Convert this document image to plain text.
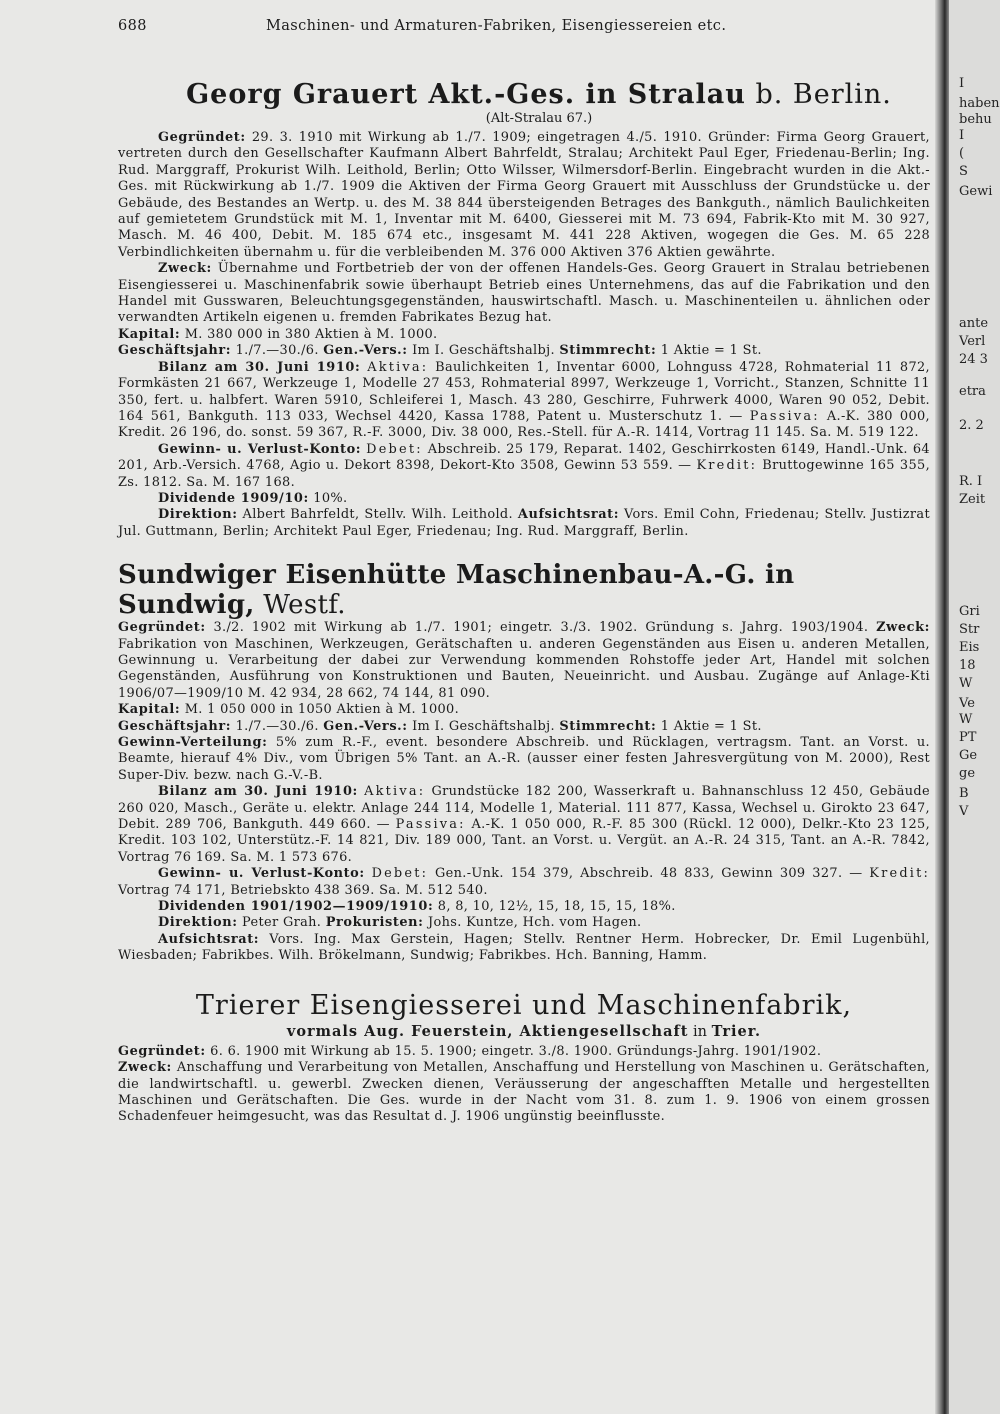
688	Maschinen- und Armaturen-Fabriken, Eisengiessereien etc.
Georg Grauert Akt.-Ges. in Stralau b. Berlin.
(Alt-Stralau 67.)

Gegründet: 29. 3. 1910 mit Wirkung ab 1./7. 1909; eingetragen 4./5. 1910. Gründer: Firma Georg Grauert, vertreten durch den Gesellschafter Kaufmann Albert Bahrfeldt, Stralau; Architekt Paul Eger, Friedenau-Berlin; Ing. Rud. Marggraff, Prokurist Wilh. Leithold, Berlin; Otto Wilsser, Wilmersdorf-Berlin. Eingebracht wurden in die Akt.-Ges. mit Rückwirkung ab 1./7. 1909 die Aktiven der Firma Georg Grauert mit Ausschluss der Grundstücke u. der Gebäude, des Bestandes an Wertp. u. des M. 38 844 übersteigenden Betrages des Bankguth., nämlich Baulichkeiten auf gemietetem Grundstück mit M. 1, Inventar mit M. 6400, Giesserei mit M. 73 694, Fabrik-Kto mit M. 30 927, Masch. M. 46 400, Debit. M. 185 674 etc., insgesamt M. 441 228 Aktiven, wogegen die Ges. M. 65 228 Verbindlichkeiten übernahm u. für die verbleibenden M. 376 000 Aktiven 376 Aktien gewährte.

Zweck: Übernahme und Fortbetrieb der von der offenen Handels-Ges. Georg Grauert in Stralau betriebenen Eisengiesserei u. Maschinenfabrik sowie überhaupt Betrieb eines Unternehmens, das auf die Fabrikation und den Handel mit Gusswaren, Beleuchtungsgegenständen, hauswirtschaftl. Masch. u. Maschinenteilen u. ähnlichen oder verwandten Artikeln eigenen u. fremden Fabrikates Bezug hat.

Kapital: M. 380 000 in 380 Aktien à M. 1000.

Geschäftsjahr: 1./7.—30./6. Gen.-Vers.: Im I. Geschäftshalbj. Stimmrecht: 1 Aktie = 1 St.

Bilanz am 30. Juni 1910: Aktiva: Baulichkeiten 1, Inventar 6000, Lohnguss 4728, Rohmaterial 11 872, Formkästen 21 667, Werkzeuge 1, Modelle 27 453, Rohmaterial 8997, Werkzeuge 1, Vorricht., Stanzen, Schnitte 11 350, fert. u. halbfert. Waren 5910, Schleiferei 1, Masch. 43 280, Geschirre, Fuhrwerk 4000, Waren 90 052, Debit. 164 561, Bankguth. 113 033, Wechsel 4420, Kassa 1788, Patent u. Musterschutz 1. — Passiva: A.-K. 380 000, Kredit. 26 196, do. sonst. 59 367, R.-F. 3000, Div. 38 000, Res.-Stell. für A.-R. 1414, Vortrag 11 145. Sa. M. 519 122.

Gewinn- u. Verlust-Konto: Debet: Abschreib. 25 179, Reparat. 1402, Geschirrkosten 6149, Handl.-Unk. 64 201, Arb.-Versich. 4768, Agio u. Dekort 8398, Dekort-Kto 3508, Gewinn 53 559. — Kredit: Bruttogewinne 165 355, Zs. 1812. Sa. M. 167 168.

Dividende 1909/10: 10%.

Direktion: Albert Bahrfeldt, Stellv. Wilh. Leithold. Aufsichtsrat: Vors. Emil Cohn, Friedenau; Stellv. Justizrat Jul. Guttmann, Berlin; Architekt Paul Eger, Friedenau; Ing. Rud. Marggraff, Berlin.

Sundwiger Eisenhütte Maschinenbau-A.-G. in Sundwig, Westf.

Gegründet: 3./2. 1902 mit Wirkung ab 1./7. 1901; eingetr. 3./3. 1902. Gründung s. Jahrg. 1903/1904. Zweck: Fabrikation von Maschinen, Werkzeugen, Gerätschaften u. anderen Gegenständen aus Eisen u. anderen Metallen, Gewinnung u. Verarbeitung der dabei zur Verwendung kommenden Rohstoffe jeder Art, Handel mit solchen Gegenständen, Ausführung von Konstruktionen und Bauten, Neueinricht. und Ausbau. Zugänge auf Anlage-Kti 1906/07—1909/10 M. 42 934, 28 662, 74 144, 81 090.

Kapital: M. 1 050 000 in 1050 Aktien à M. 1000.

Geschäftsjahr: 1./7.—30./6. Gen.-Vers.: Im I. Geschäftshalbj. Stimmrecht: 1 Aktie = 1 St.

Gewinn-Verteilung: 5% zum R.-F., event. besondere Abschreib. und Rücklagen, vertragsm. Tant. an Vorst. u. Beamte, hierauf 4% Div., vom Übrigen 5% Tant. an A.-R. (ausser einer festen Jahresvergütung von M. 2000), Rest Super-Div. bezw. nach G.-V.-B.

Bilanz am 30. Juni 1910: Aktiva: Grundstücke 182 200, Wasserkraft u. Bahnanschluss 12 450, Gebäude 260 020, Masch., Geräte u. elektr. Anlage 244 114, Modelle 1, Material. 111 877, Kassa, Wechsel u. Girokto 23 647, Debit. 289 706, Bankguth. 449 660. — Passiva: A.-K. 1 050 000, R.-F. 85 300 (Rückl. 12 000), Delkr.-Kto 23 125, Kredit. 103 102, Unterstütz.-F. 14 821, Div. 189 000, Tant. an Vorst. u. Vergüt. an A.-R. 24 315, Tant. an A.-R. 7842, Vortrag 76 169. Sa. M. 1 573 676.

Gewinn- u. Verlust-Konto: Debet: Gen.-Unk. 154 379, Abschreib. 48 833, Gewinn 309 327. — Kredit: Vortrag 74 171, Betriebskto 438 369. Sa. M. 512 540.

Dividenden 1901/1902—1909/1910: 8, 8, 10, 12½, 15, 18, 15, 15, 18%.

Direktion: Peter Grah. Prokuristen: Johs. Kuntze, Hch. vom Hagen.

Aufsichtsrat: Vors. Ing. Max Gerstein, Hagen; Stellv. Rentner Herm. Hobrecker, Dr. Emil Lugenbühl, Wiesbaden; Fabrikbes. Wilh. Brökelmann, Sundwig; Fabrikbes. Hch. Banning, Hamm.

Trierer Eisengiesserei und Maschinenfabrik,
vormals Aug. Feuerstein, Aktiengesellschaft in Trier.

Gegründet: 6. 6. 1900 mit Wirkung ab 15. 5. 1900; eingetr. 3./8. 1900. Gründungs-Jahrg. 1901/1902.

Zweck: Anschaffung und Verarbeitung von Metallen, Anschaffung und Herstellung von Maschinen u. Gerätschaften, die landwirtschaftl. u. gewerbl. Zwecken dienen, Veräusserung der angeschafften Metalle und hergestellten Maschinen und Gerätschaften. Die Ges. wurde in der Nacht vom 31. 8. zum 1. 9. 1906 von einem grossen Schadenfeuer heimgesucht, was das Resultat d. J. 1906 ungünstig beeinflusste.

I
haben
behu
I
(
S
Gewi
ante
Verl
24 3
etra
2. 2
R. I
Zeit
Gri
Str
Eis
18
W
Ve
W
PT
Ge
ge
B
V
